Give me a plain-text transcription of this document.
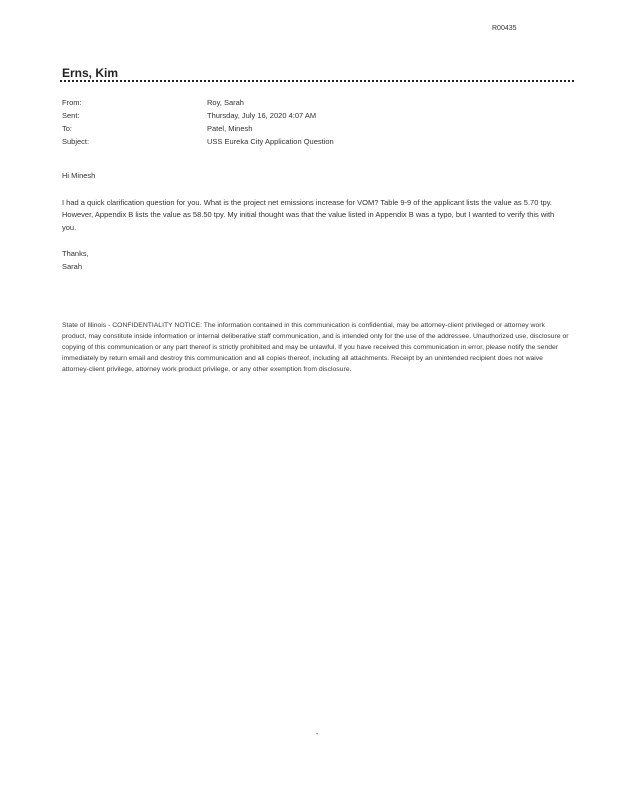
R00435
Erns, Kim
From:	Roy, Sarah
Sent:	Thursday, July 16, 2020 4:07 AM
To:	Patel, Minesh
Subject:	USS Eureka City Application Question

Hi Minesh

I had a quick clarification question for you. What is the project net emissions increase for VOM? Table 9-9 of the applicant lists the value as 5.70 tpy. However, Appendix B lists the value as 58.50 tpy. My initial thought was that the value listed in Appendix B was a typo, but I wanted to verify this with you.

Thanks,

Sarah

State of Illinois - CONFIDENTIALITY NOTICE: The information contained in this communication is confidential, may be attorney-client privileged or attorney work product, may constitute inside information or internal deliberative staff communication, and is intended only for the use of the addressee. Unauthorized use, disclosure or copying of this communication or any part thereof is strictly prohibited and may be unlawful. If you have received this communication in error, please notify the sender immediately by return email and destroy this communication and all copies thereof, including all attachments. Receipt by an unintended recipient does not waive attorney-client privilege, attorney work product privilege, or any other exemption from disclosure.
-
